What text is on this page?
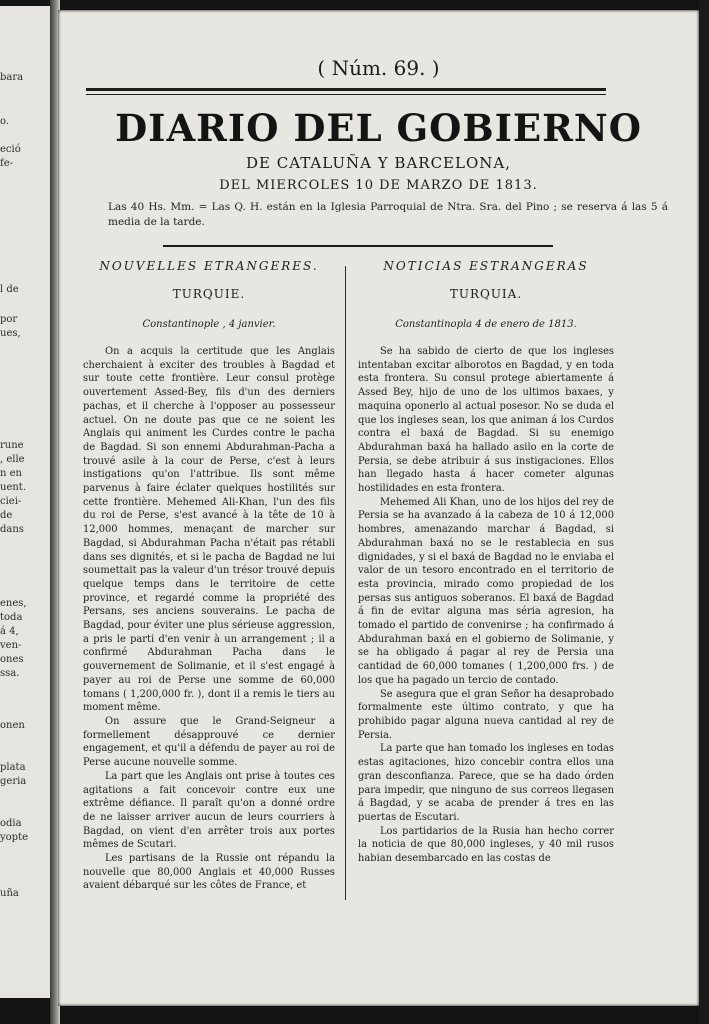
bara
o.
eció
fe-
l de
por
ues,
rune
, elle
n en
uent.
ciei-
de
dans
enes,
toda
á 4,
ven-
ones
ssa.
onen
plata
geria
odia
yopte
uña
( Núm. 69. )
DIARIO DEL GOBIERNO
DE CATALUÑA Y BARCELONA,
DEL MIERCOLES 10 DE MARZO DE 1813.
Las 40 Hs. Mm. = Las Q. H. están en la Iglesia Parroquial de Ntra. Sra. del Pino ; se reserva á las 5 á media de la tarde.
NOUVELLES ETRANGERES.
TURQUIE.
Constantinople , 4 janvier.

On a acquis la certitude que les Anglais cherchaient à exciter des troubles à Bagdad et sur toute cette frontière. Leur consul protège ouvertement Assed-Bey, fils d'un des derniers pachas, et il cherche à l'opposer au possesseur actuel. On ne doute pas que ce ne soient les Anglais qui animent les Curdes contre le pacha de Bagdad. Si son ennemi Abdurahman-Pacha a trouvé asile à la cour de Perse, c'est à leurs instigations qu'on l'attribue. Ils sont même parvenus à faire éclater quelques hostilités sur cette frontière. Mehemed Ali-Khan, l'un des fils du roi de Perse, s'est avancé à la tête de 10 à 12,000 hommes, menaçant de marcher sur Bagdad, si Abdurahman Pacha n'était pas rétabli dans ses dignités, et si le pacha de Bagdad ne lui soumettait pas la valeur d'un trésor trouvé depuis quelque temps dans le territoire de cette province, et regardé comme la propriété des Persans, ses anciens souverains. Le pacha de Bagdad, pour éviter une plus sérieuse aggression, a pris le parti d'en venir à un arrangement ; il a confirmé Abdurahman Pacha dans le gouvernement de Solimanie, et il s'est engagé à payer au roi de Perse une somme de 60,000 tomans ( 1,200,000 fr. ), dont il a remis le tiers au moment même.

On assure que le Grand-Seigneur a formellement désapprouvé ce dernier engagement, et qu'il a défendu de payer au roi de Perse aucune nouvelle somme.

La part que les Anglais ont prise à toutes ces agitations a fait concevoir contre eux une extrême défiance. Il paraît qu'on a donné ordre de ne laisser arriver aucun de leurs courriers à Bagdad, on vient d'en arrêter trois aux portes mêmes de Scutari.

Les partisans de la Russie ont répandu la nouvelle que 80,000 Anglais et 40,000 Russes avaient débarqué sur les côtes de France, et

NOTICIAS ESTRANGERAS
TURQUIA.
Constantinopla 4 de enero de 1813.

Se ha sabido de cierto de que los ingleses intentaban excitar alborotos en Bagdad, y en toda esta frontera. Su consul protege abiertamente á Assed Bey, hijo de uno de los ultimos baxaes, y maquina oponerlo al actual posesor. No se duda el que los ingleses sean, los que animan á los Curdos contra el baxá de Bagdad. Si su enemigo Abdurahman baxá ha hallado asilo en la corte de Persia, se debe atribuir á sus instigaciones. Ellos han llegado hasta á hacer cometer algunas hostilidades en esta frontera.

Mehemed Ali Khan, uno de los hijos del rey de Persia se ha avanzado á la cabeza de 10 á 12,000 hombres, amenazando marchar á Bagdad, si Abdurahman baxá no se le restablecia en sus dignidades, y si el baxá de Bagdad no le enviaba el valor de un tesoro encontrado en el territorio de esta provincia, mirado como propiedad de los persas sus antiguos soberanos. El baxá de Bagdad á fin de evitar alguna mas séria agresion, ha tomado el partido de convenirse ; ha confirmado á Abdurahman baxá en el gobierno de Solimanie, y se ha obligado á pagar al rey de Persia una cantidad de 60,000 tomanes ( 1,200,000 frs. ) de los que ha pagado un tercio de contado.

Se asegura que el gran Señor ha desaprobado formalmente este último contrato, y que ha prohibido pagar alguna nueva cantidad al rey de Persia.

La parte que han tomado los ingleses en todas estas agitaciones, hizo concebir contra ellos una gran desconfianza. Parece, que se ha dado órden para impedir, que ninguno de sus correos llegasen á Bagdad, y se acaba de prender á tres en las puertas de Escutari.

Los partidarios de la Rusia han hecho correr la noticia de que 80,000 ingleses, y 40 mil rusos habian desembarcado en las costas de
